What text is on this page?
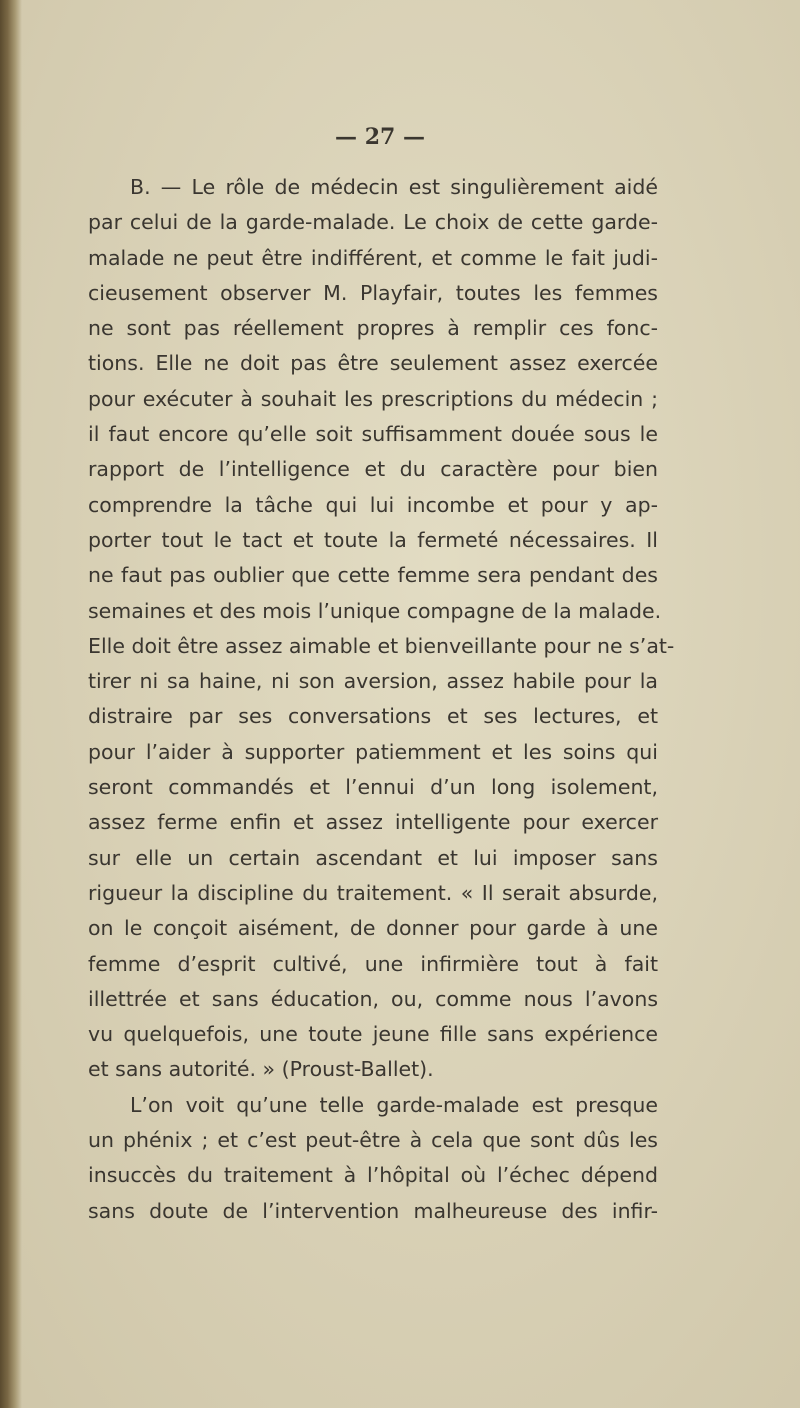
— 27 —
B. — Le rôle de médecin est singulièrement aidé
par celui de la garde-malade. Le choix de cette garde-
malade ne peut être indifférent, et comme le fait judi-
cieusement observer M. Playfair, toutes les femmes
ne sont pas réellement propres à remplir ces fonc-
tions. Elle ne doit pas être seulement assez exercée
pour exécuter à souhait les prescriptions du médecin ;
il faut encore qu’elle soit suffisamment douée sous le
rapport de l’intelligence et du caractère pour bien
comprendre la tâche qui lui incombe et pour y ap-
porter tout le tact et toute la fermeté nécessaires. Il
ne faut pas oublier que cette femme sera pendant des
semaines et des mois l’unique compagne de la malade.
Elle doit être assez aimable et bienveillante pour ne s’at-
tirer ni sa haine, ni son aversion, assez habile pour la
distraire par ses conversations et ses lectures, et
pour l’aider à supporter patiemment et les soins qui
seront commandés et l’ennui d’un long isolement,
assez ferme enfin et assez intelligente pour exercer
sur elle un certain ascendant et lui imposer sans
rigueur la discipline du traitement. « Il serait absurde,
on le conçoit aisément, de donner pour garde à une
femme d’esprit cultivé, une infirmière tout à fait
illettrée et sans éducation, ou, comme nous l’avons
vu quelquefois, une toute jeune fille sans expérience
et sans autorité. » (Proust-Ballet).
L’on voit qu’une telle garde-malade est presque
un phénix ; et c’est peut-être à cela que sont dûs les
insuccès du traitement à l’hôpital où l’échec dépend
sans doute de l’intervention malheureuse des infir-
